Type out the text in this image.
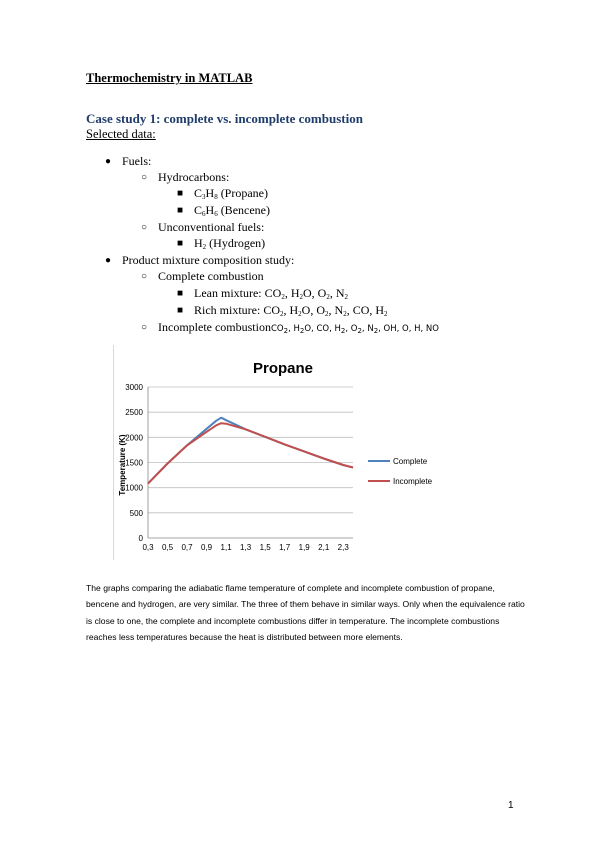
Thermochemistry in MATLAB
Case study 1: complete vs. incomplete combustion
Selected data:
● Fuels:
○ Hydrocarbons:
■ $C_3H_8$ (Propane)
■ $C_6H_6$ (Bencene)
○ Unconventional fuels:
■ $H_2$ (Hydrogen)
● Product mixture composition study:
○ Complete combustion
■ Lean mixture: $CO_2$, $H_2O$, $O_2$, $N_2$
■ Rich mixture: $CO_2$, $H_2O$, $O_2$, $N_2$, CO, $H_2$
○ Incomplete combustionCO$_2$, $H_2O$, CO, $H_2$, $O_2$, $N_2$, OH, O, H, NO
Propane
Temperature (K)
0
500
1000
1500
2000
2500
3000
0,3 0,5 0,7 0,9 1,1 1,3 1,5 1,7 1,9 2,1 2,3
Complete
Incomplete
The graphs comparing the adiabatic flame temperature of complete and incomplete combustion of propane, bencene and hydrogen, are very similar. The three of them behave in similar ways. Only when the equivalence ratio is close to one, the complete and incomplete combustions differ in temperature. The incomplete combustions reaches less temperatures because the heat is distributed between more elements.
1
